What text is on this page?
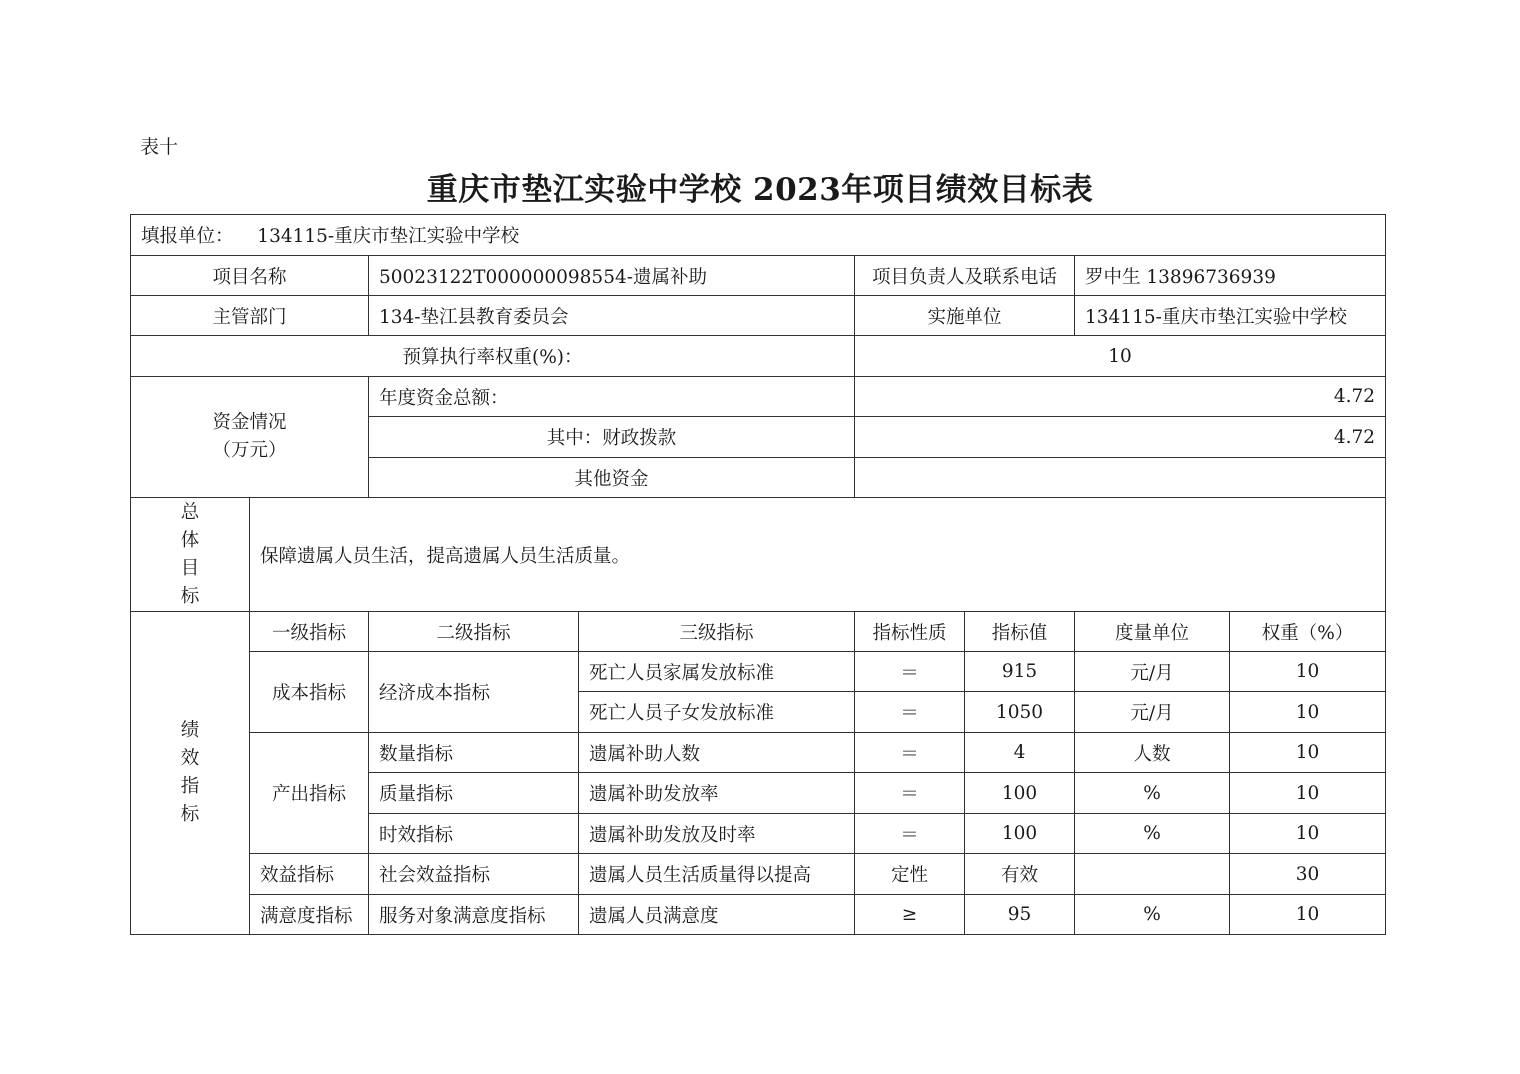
表十
重庆市垫江实验中学校 2023年项目绩效目标表
填报单位： 134115-重庆市垫江实验中学校							
项目名称		50023122T000000098554-遗属补助		项目负责人及联系电话		罗中生 13896736939	
主管部门		134-垫江县教育委员会		实施单位		134115-重庆市垫江实验中学校	
预算执行率权重(%)：				10			
资金情况
（万元）		年度资金总额：		4.72			
		其中：财政拨款		4.72			
		其他资金					

总
体
目
标	保障遗属人员生活，提高遗属人员生活质量。						

绩
效
指
标	一级指标	二级指标	三级指标	指标性质	指标值	度量单位	权重（%）
	成本指标	经济成本指标	死亡人员家属发放标准	＝	915	元/月	10
			死亡人员子女发放标准	＝	1050	元/月	10
	产出指标	数量指标	遗属补助人数	＝	4	人数	10
		质量指标	遗属补助发放率	＝	100	%	10
		时效指标	遗属补助发放及时率	＝	100	%	10
	效益指标	社会效益指标	遗属人员生活质量得以提高	定性	有效		30
	满意度指标	服务对象满意度指标	遗属人员满意度	≥	95	%	10
